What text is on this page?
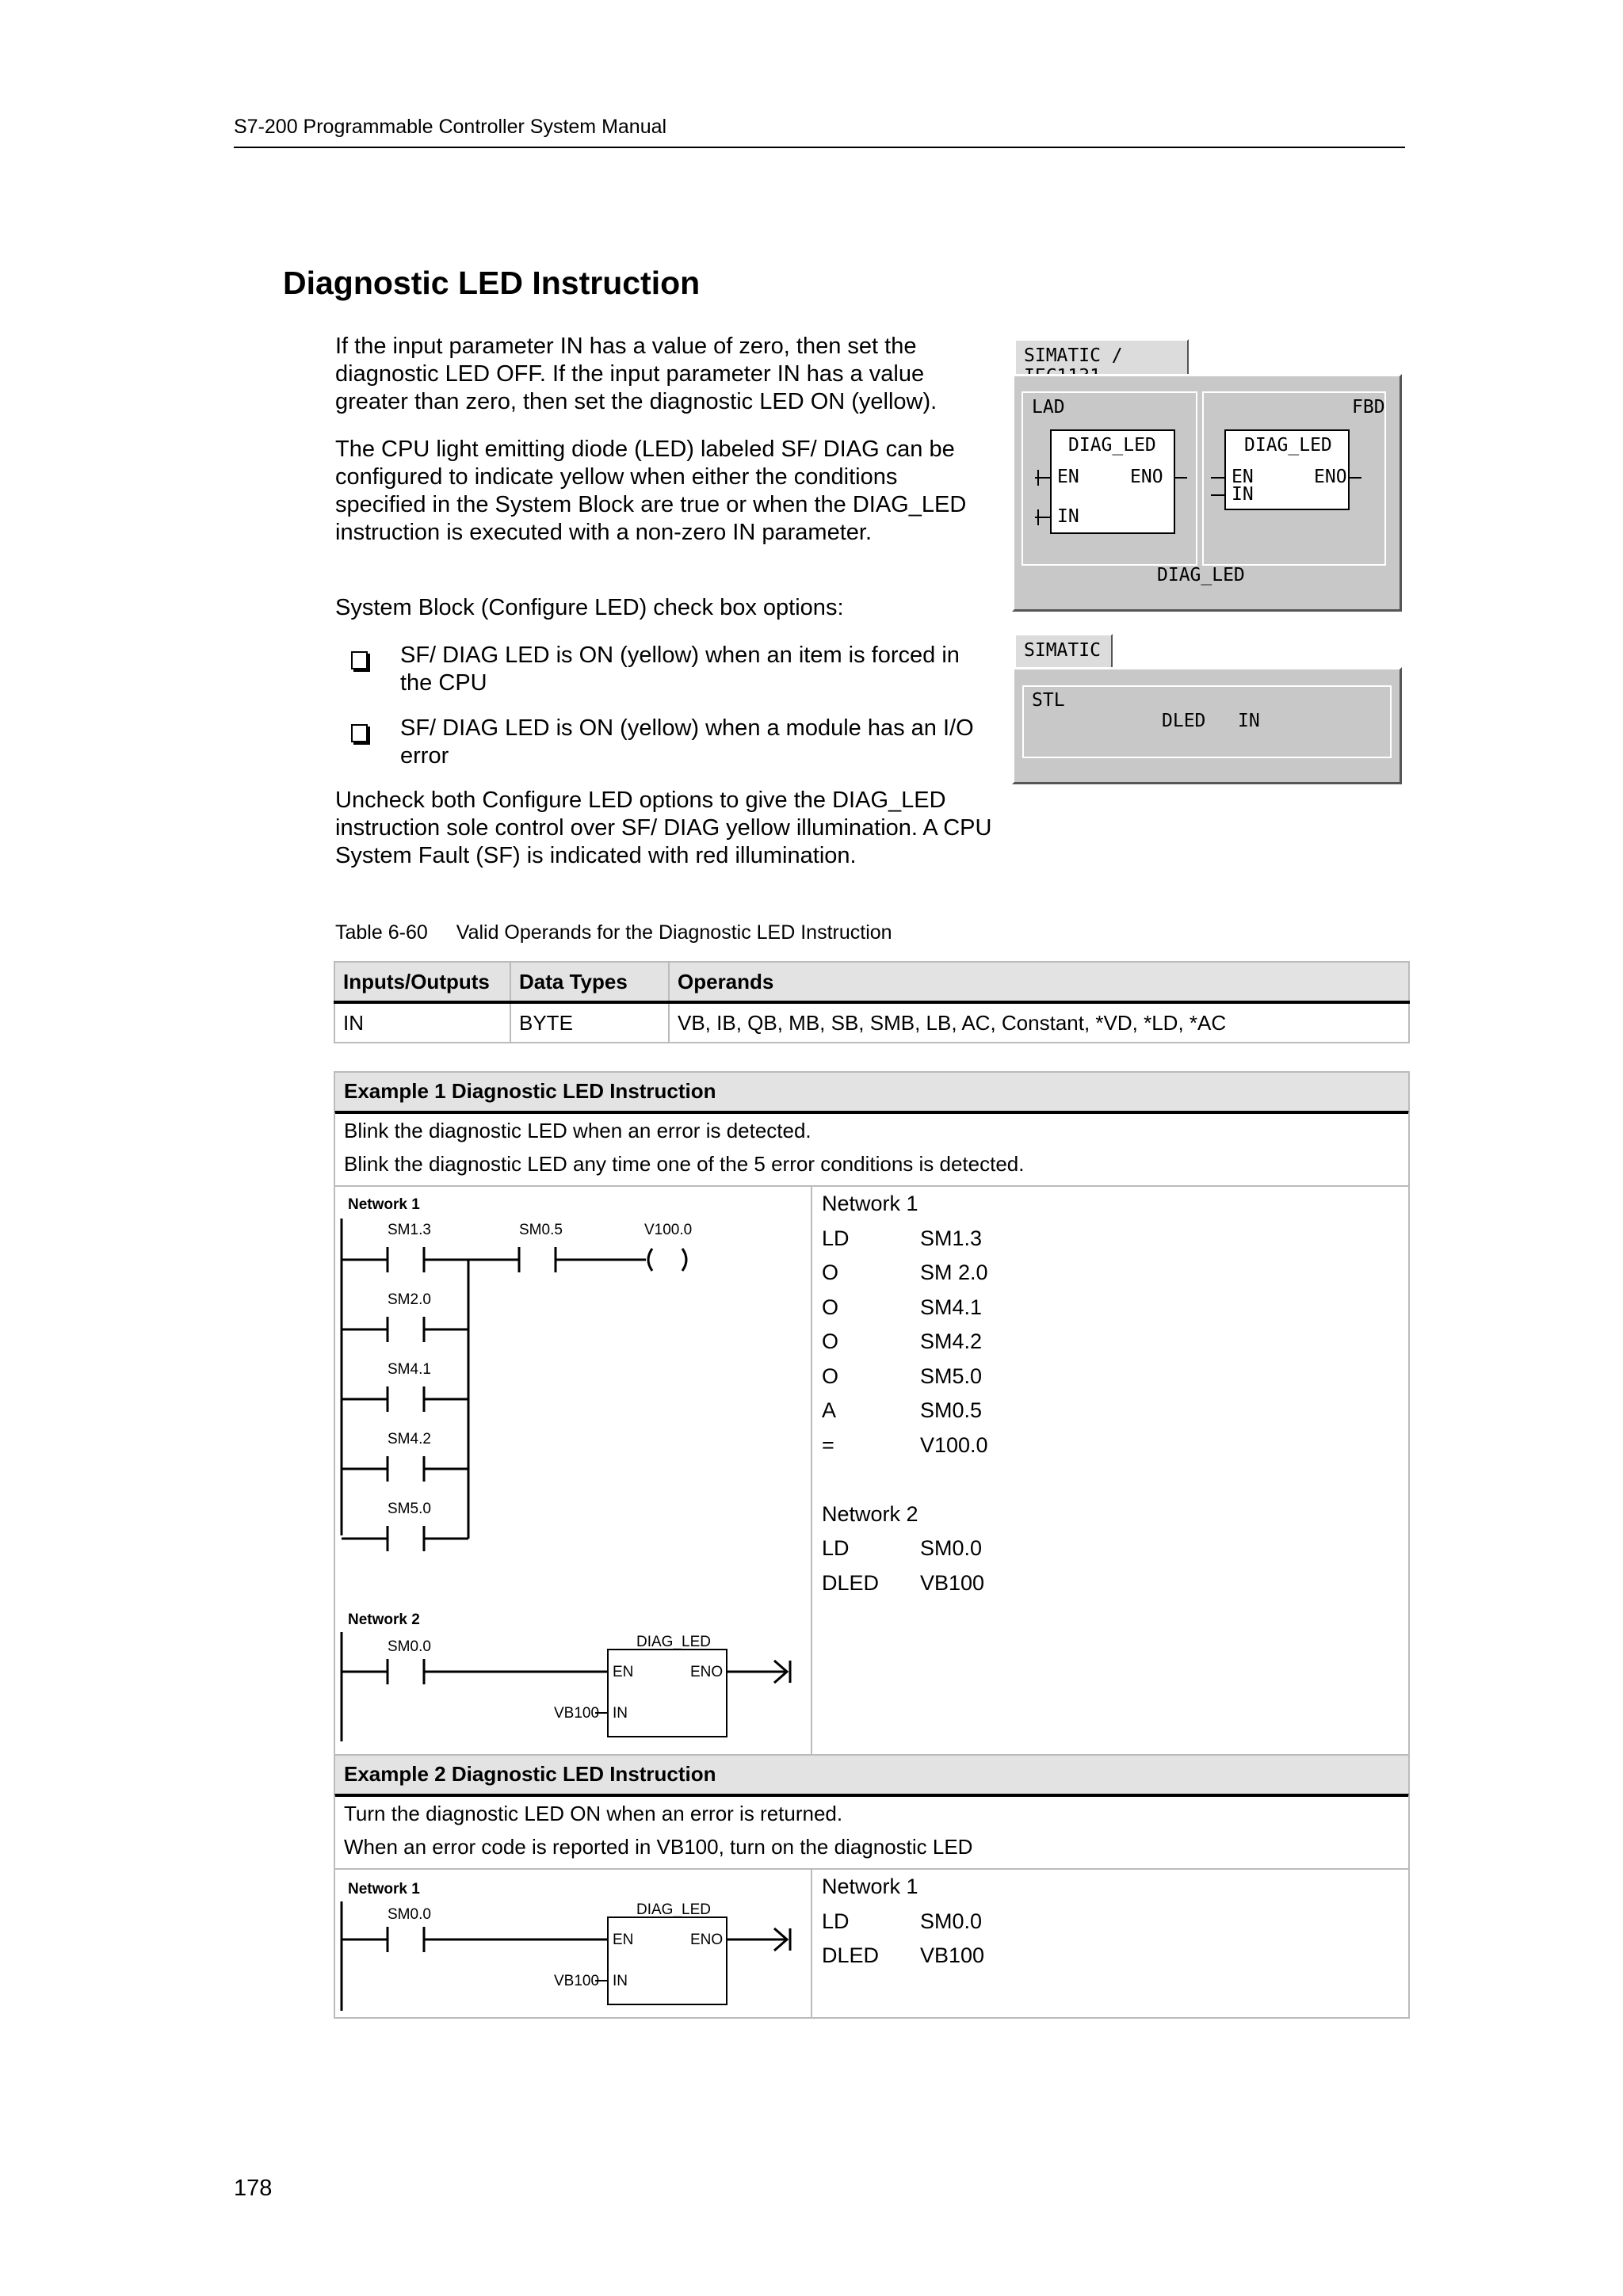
S7-200 Programmable Controller System Manual
Diagnostic LED Instruction
If the input parameter IN has a value of zero, then set the diagnostic LED OFF. If the input parameter IN has a value greater than zero, then set the diagnostic LED ON (yellow).
The CPU light emitting diode (LED) labeled SF/ DIAG can be configured to indicate yellow when either the conditions specified in the System Block are true or when the DIAG_LED instruction is executed with a non-zero IN parameter.
System Block (Configure LED) check box options:
SF/ DIAG LED is ON (yellow) when an item is forced in the CPU
SF/ DIAG LED is ON (yellow) when a module has an I/O error
Uncheck both Configure LED options to give the DIAG_LED instruction sole control over SF/ DIAG yellow illumination. A CPU System Fault (SF) is indicated with red illumination.
SIMATIC /
LAD	FBD
DIAG_LED
EN	ENO
IN
DIAG_LED
EN	ENO
IN
DIAG_LED
SIMATIC
STL
DLED IN
Table 6-60 Valid Operands for the Diagnostic LED Instruction
Inputs/Outputs	Data Types	Operands
IN	BYTE	VB, IB, QB, MB, SB, SMB, LB, AC, Constant, *VD, *LD, *AC
Example 1 Diagnostic LED Instruction
Blink the diagnostic LED when an error is detected.
Blink the diagnostic LED any time one of the 5 error conditions is detected.
Network 1
SM1.3	SM0.5	V100.0
SM2.0
SM4.1
SM4.2
SM5.0
Network 2
SM0.0	DIAG_LED
EN	ENO
IN
VB100
Network 1
LD	SM1.3
O	SM 2.0
O	SM4.1
O	SM4.2
O	SM5.0
A	SM0.5
=	V100.0
Network 2
LD	SM0.0
DLED VB100
Example 2 Diagnostic LED Instruction
Turn the diagnostic LED ON when an error is returned.
When an error code is reported in VB100, turn on the diagnostic LED
Network 1
SM0.0	DIAG_LED
EN	ENO
IN
VB100
Network 1
LD	SM0.0
DLED VB100
178
